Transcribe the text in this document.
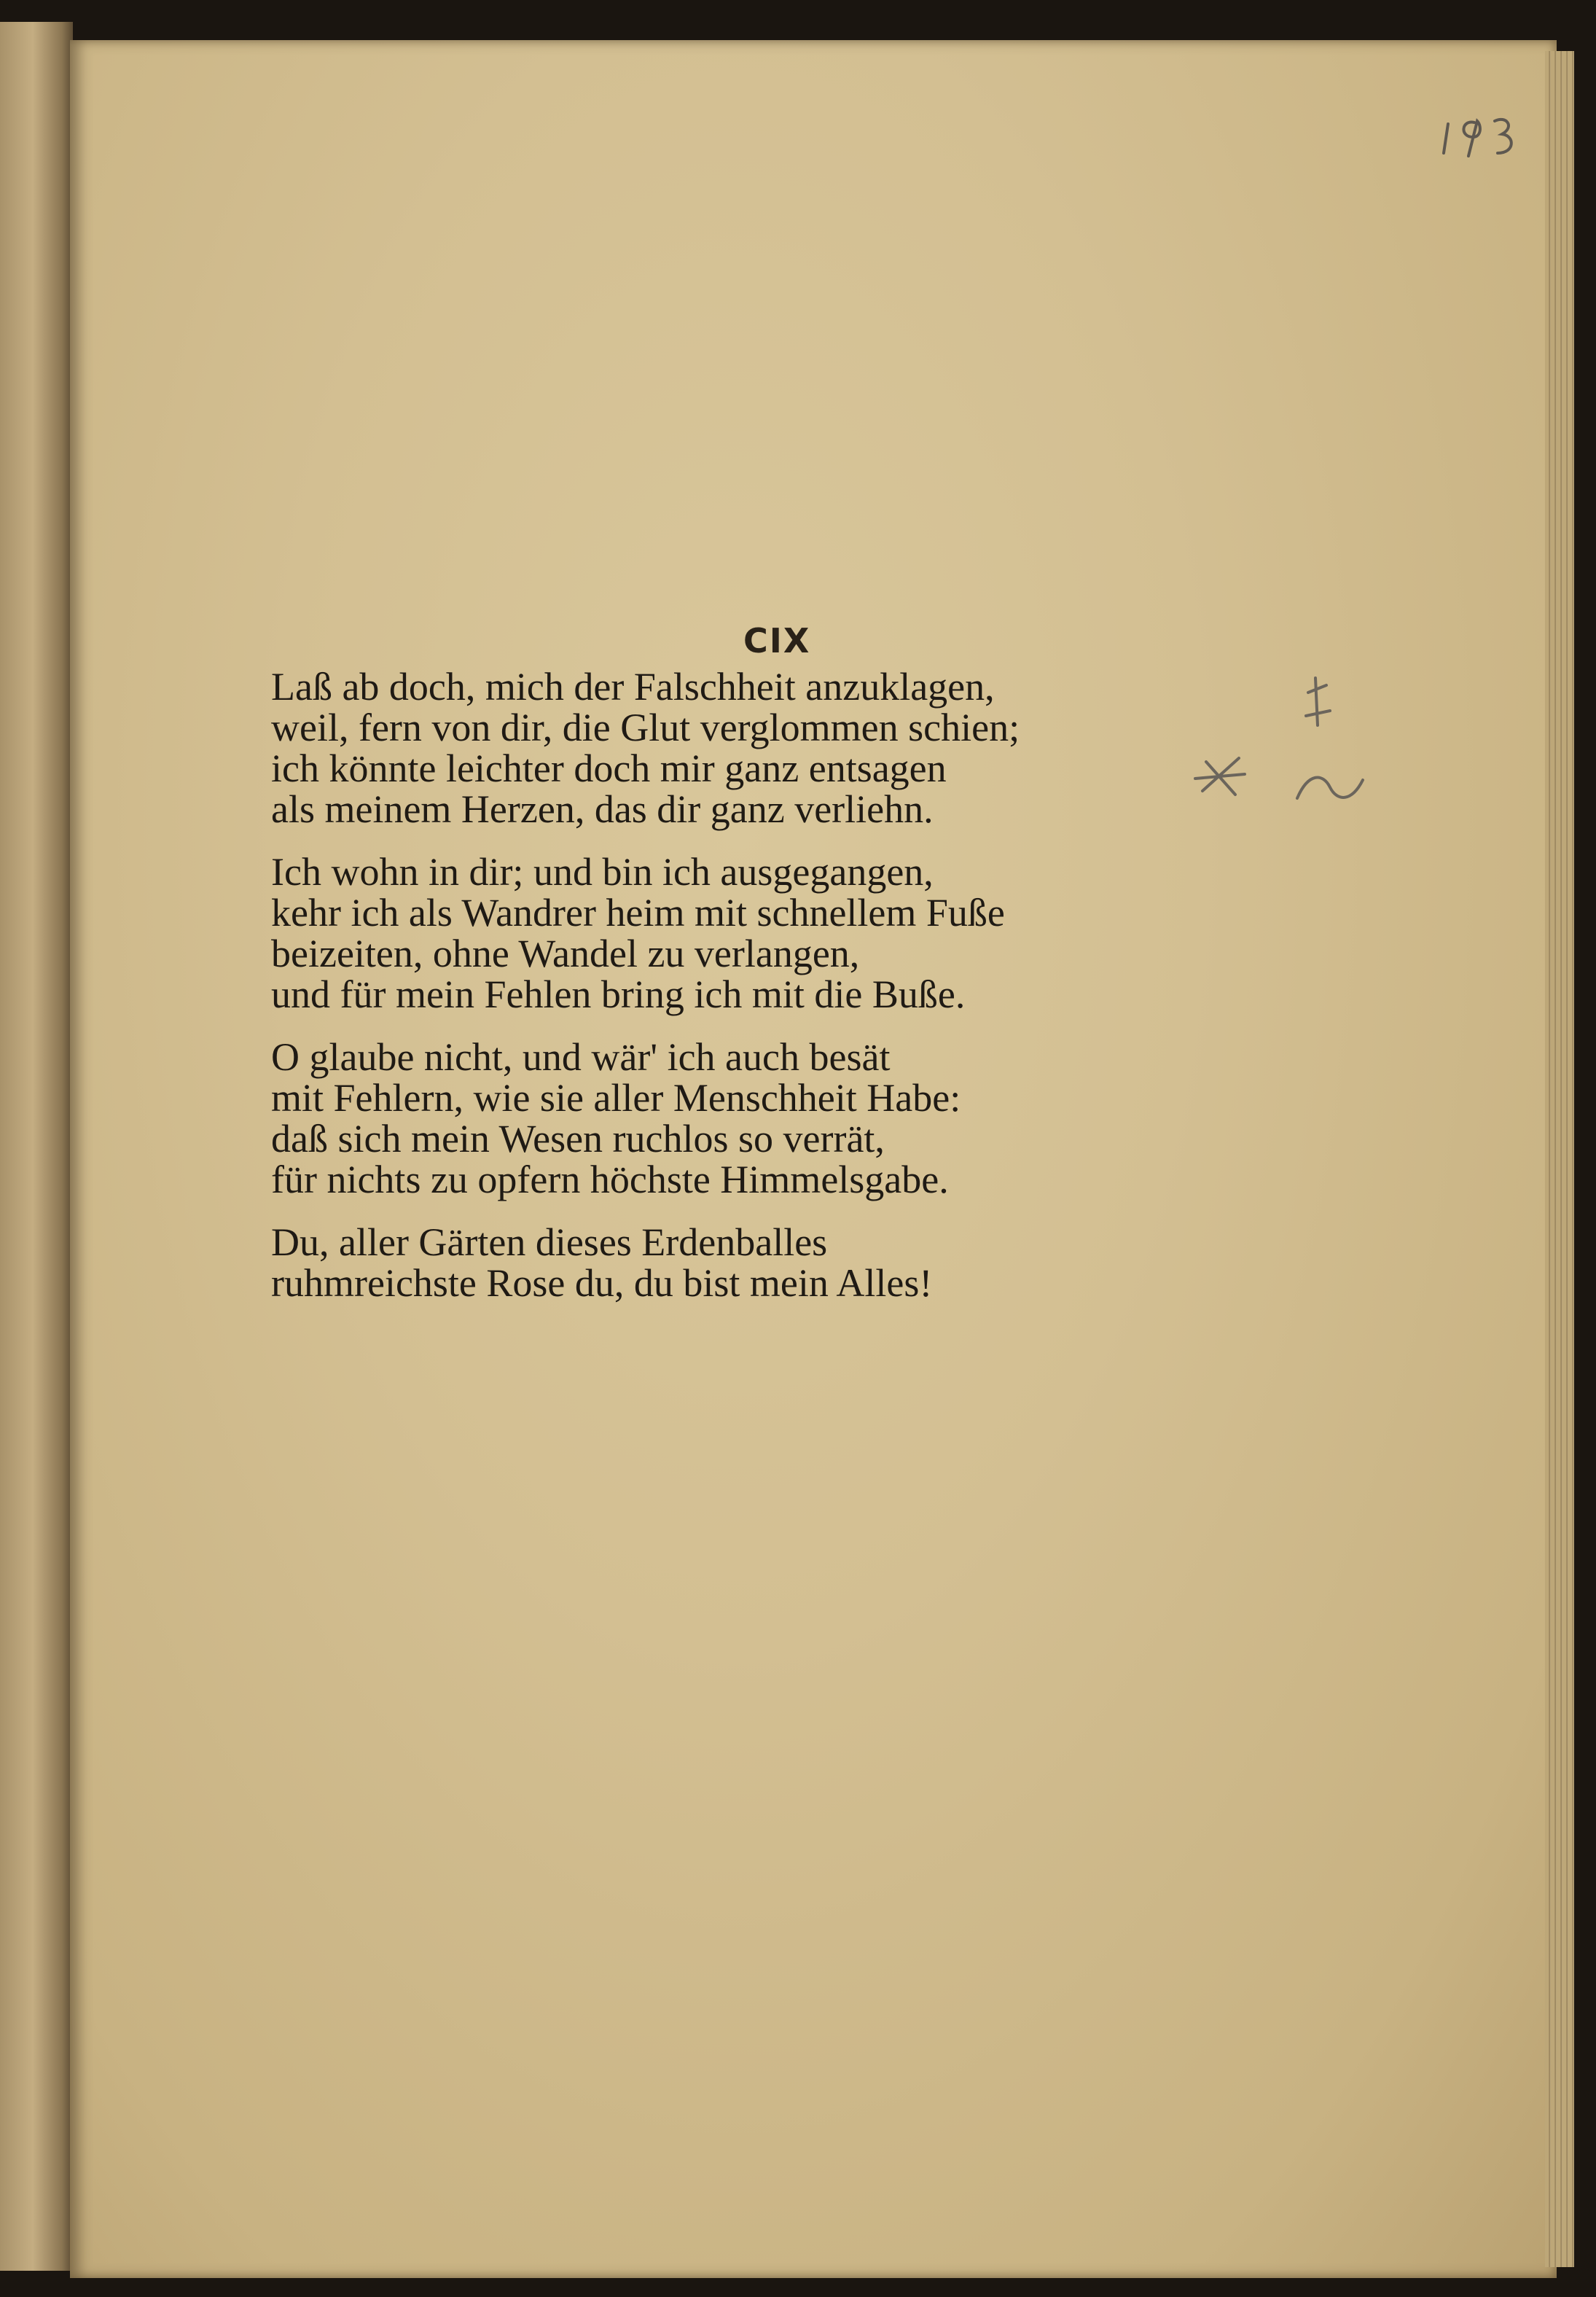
CIX
Laß ab doch, mich der Falschheit anzuklagen,
weil, fern von dir, die Glut verglommen schien;
ich könnte leichter doch mir ganz entsagen
als meinem Herzen, das dir ganz verliehn.
Ich wohn in dir; und bin ich ausgegangen,
kehr ich als Wandrer heim mit schnellem Fuße
beizeiten, ohne Wandel zu verlangen,
und für mein Fehlen bring ich mit die Buße.
O glaube nicht, und wär' ich auch besät
mit Fehlern, wie sie aller Menschheit Habe:
daß sich mein Wesen ruchlos so verrät,
für nichts zu opfern höchste Himmelsgabe.
Du, aller Gärten dieses Erdenballes
ruhmreichste Rose du, du bist mein Alles!
